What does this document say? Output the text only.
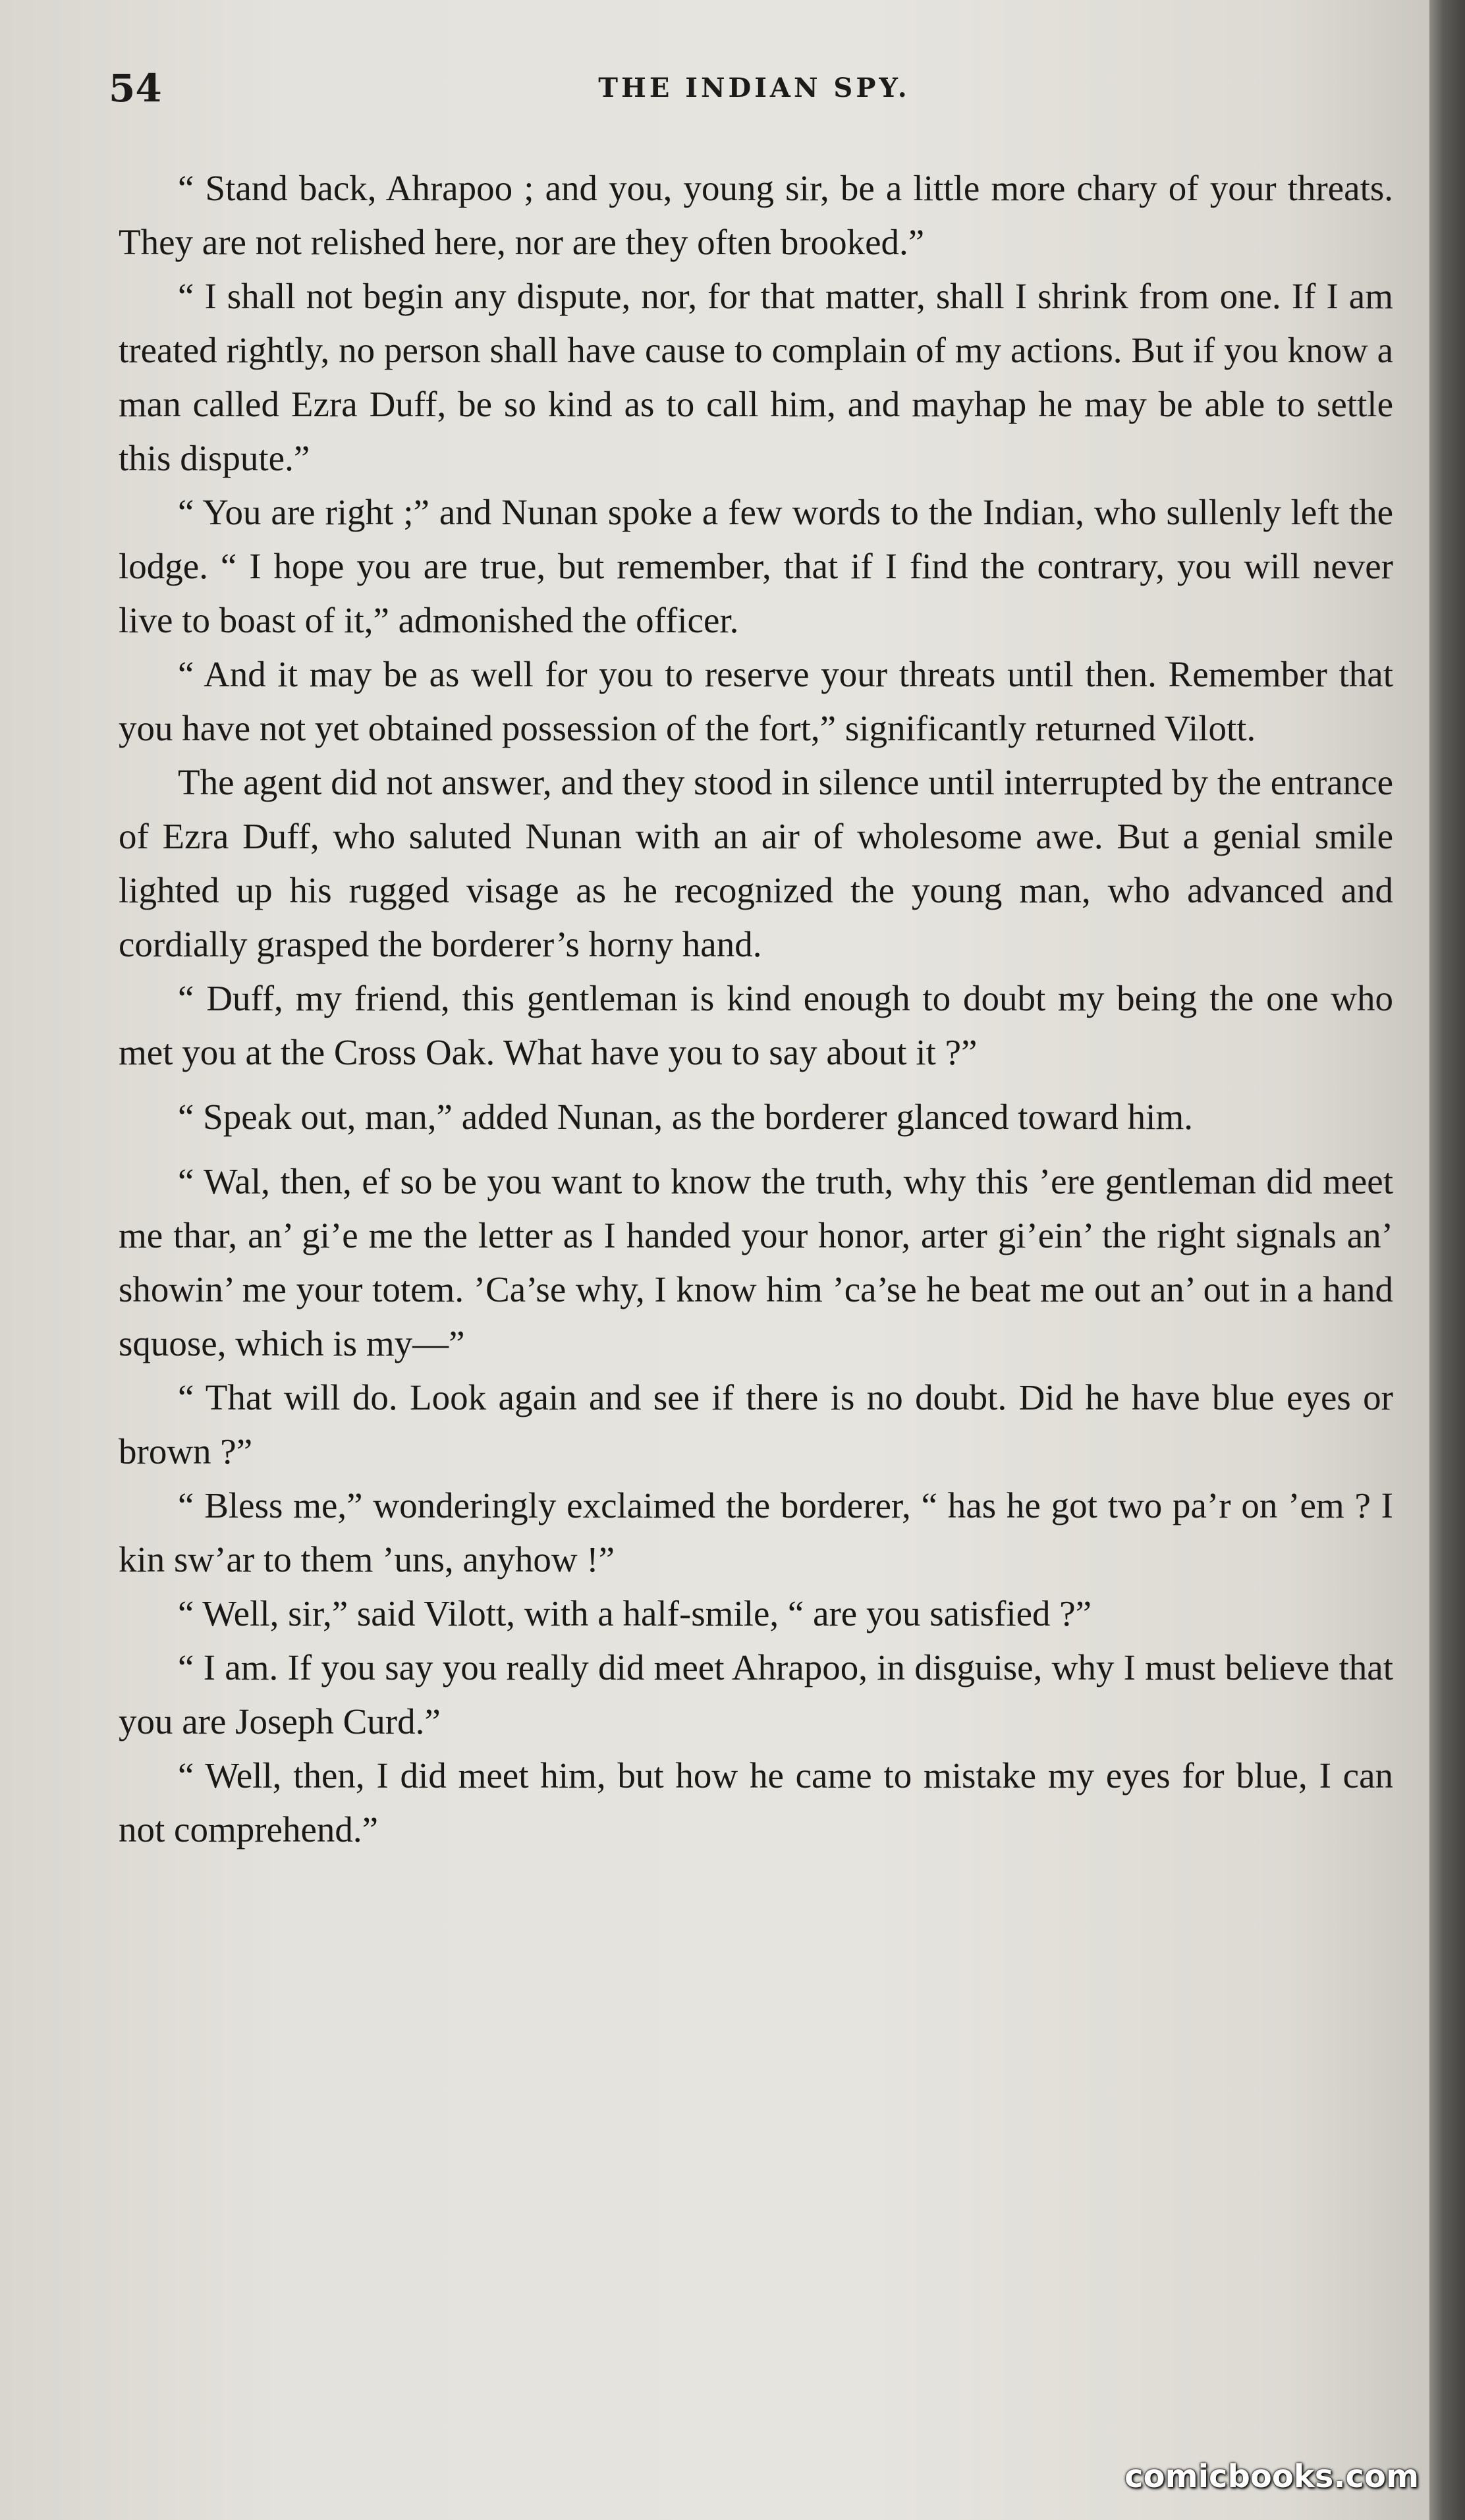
54	THE INDIAN SPY.

“ Stand back, Ahrapoo ; and you, young sir, be a little more chary of your threats. They are not relished here, nor are they often brooked.”

“ I shall not begin any dispute, nor, for that matter, shall I shrink from one. If I am treated rightly, no person shall have cause to complain of my actions. But if you know a man called Ezra Duff, be so kind as to call him, and mayhap he may be able to settle this dispute.”

“ You are right ;” and Nunan spoke a few words to the Indian, who sullenly left the lodge. “ I hope you are true, but remember, that if I find the contrary, you will never live to boast of it,” admonished the officer.

“ And it may be as well for you to reserve your threats until then. Remember that you have not yet obtained possession of the fort,” significantly returned Vilott.

The agent did not answer, and they stood in silence until interrupted by the entrance of Ezra Duff, who saluted Nunan with an air of wholesome awe. But a genial smile lighted up his rugged visage as he recognized the young man, who advanced and cordially grasped the borderer’s horny hand.

“ Duff, my friend, this gentleman is kind enough to doubt my being the one who met you at the Cross Oak. What have you to say about it ?”

“ Speak out, man,” added Nunan, as the borderer glanced toward him.

“ Wal, then, ef so be you want to know the truth, why this ’ere gentleman did meet me thar, an’ gi’e me the letter as I handed your honor, arter gi’ein’ the right signals an’ showin’ me your totem. ’Ca’se why, I know him ’ca’se he beat me out an’ out in a hand squose, which is my—”

“ That will do. Look again and see if there is no doubt. Did he have blue eyes or brown ?”

“ Bless me,” wonderingly exclaimed the borderer, “ has he got two pa’r on ’em ? I kin sw’ar to them ’uns, anyhow !”

“ Well, sir,” said Vilott, with a half-smile, “ are you satisfied ?”

“ I am. If you say you really did meet Ahrapoo, in disguise, why I must believe that you are Joseph Curd.”

“ Well, then, I did meet him, but how he came to mistake my eyes for blue, I can not comprehend.”

comicbooks.com
